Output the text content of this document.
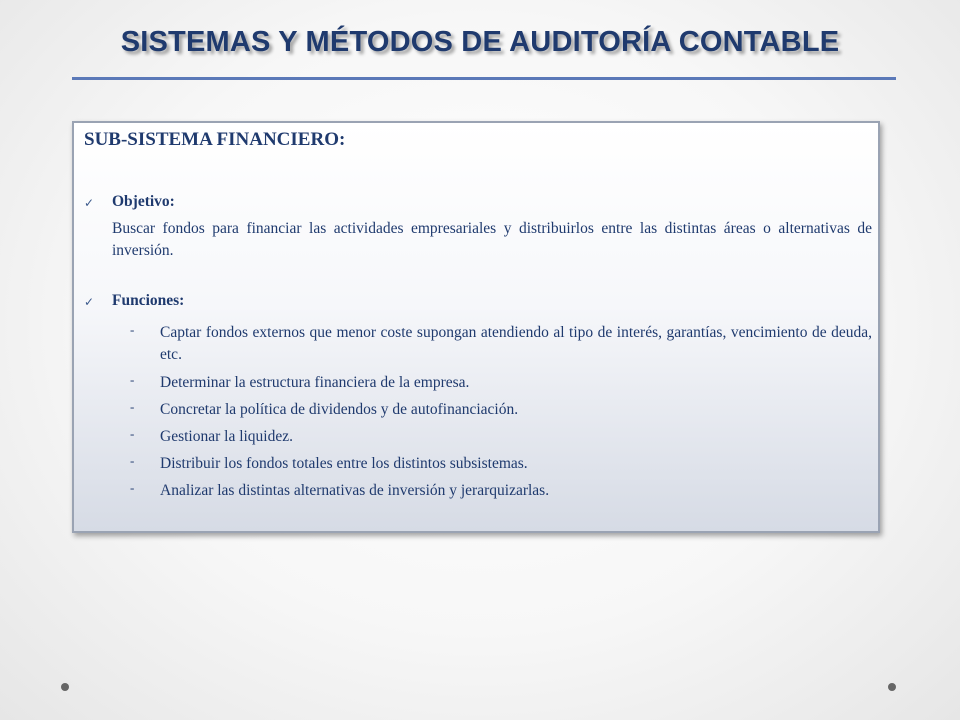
SISTEMAS Y MÉTODOS DE AUDITORÍA CONTABLE
SUB-SISTEMA FINANCIERO:
✓ Objetivo:

Buscar fondos para financiar las actividades empresariales y distribuirlos entre las distintas áreas o alternativas de inversión.

✓ Funciones:
- Captar fondos externos que menor coste supongan atendiendo al tipo de interés, garantías, vencimiento de deuda, etc.

- Determinar la estructura financiera de la empresa.

- Concretar la política de dividendos y de autofinanciación.

- Gestionar la liquidez.

- Distribuir los fondos totales entre los distintos subsistemas.

- Analizar las distintas alternativas de inversión y jerarquizarlas.
